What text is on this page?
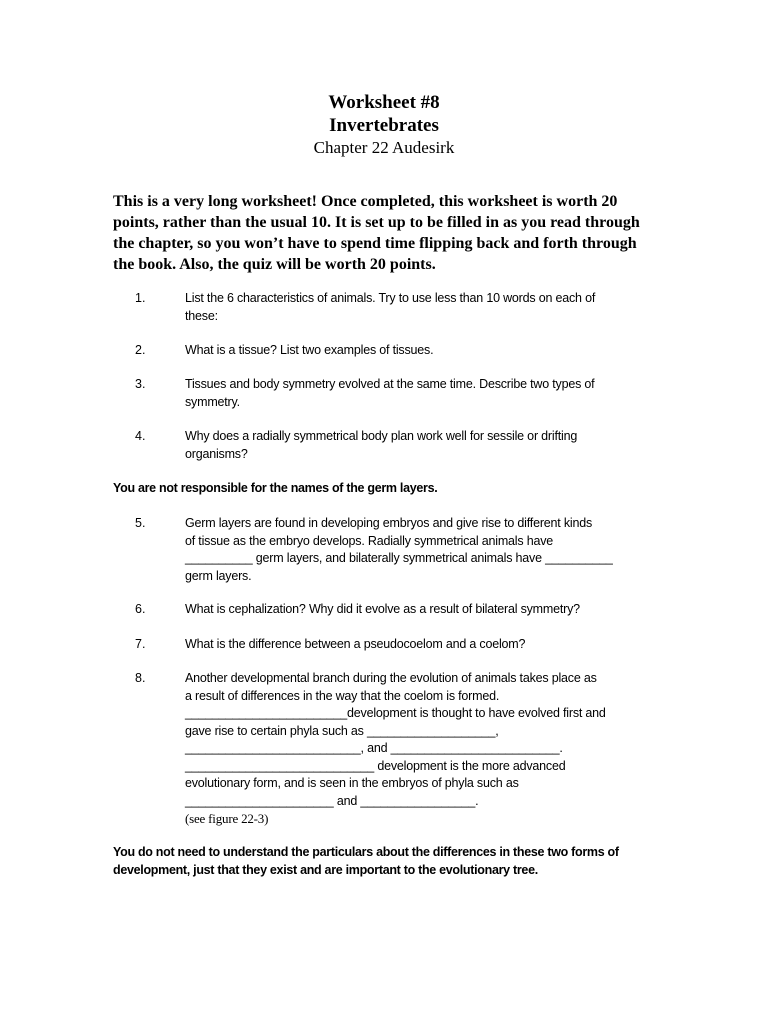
Worksheet #8
Invertebrates
Chapter 22 Audesirk
This is a very long worksheet! Once completed, this worksheet is worth 20 points, rather than the usual 10. It is set up to be filled in as you read through the chapter, so you won’t have to spend time flipping back and forth through the book. Also, the quiz will be worth 20 points.
1.	List the 6 characteristics of animals. Try to use less than 10 words on each of
these:
2.	What is a tissue? List two examples of tissues.
3.	Tissues and body symmetry evolved at the same time. Describe two types of
symmetry.
4.	Why does a radially symmetrical body plan work well for sessile or drifting
organisms?
You are not responsible for the names of the germ layers.
5.	Germ layers are found in developing embryos and give rise to different kinds
of tissue as the embryo develops. Radially symmetrical animals have
__________ germ layers, and bilaterally symmetrical animals have __________
germ layers.
6.	What is cephalization? Why did it evolve as a result of bilateral symmetry?
7.	What is the difference between a pseudocoelom and a coelom?
8.	Another developmental branch during the evolution of animals takes place as
a result of differences in the way that the coelom is formed.
________________________development is thought to have evolved first and
gave rise to certain phyla such as ___________________,
__________________________, and _________________________.
____________________________ development is the more advanced
evolutionary form, and is seen in the embryos of phyla such as
______________________ and _________________.
(see figure 22-3)
You do not need to understand the particulars about the differences in these two forms of development, just that they exist and are important to the evolutionary tree.
